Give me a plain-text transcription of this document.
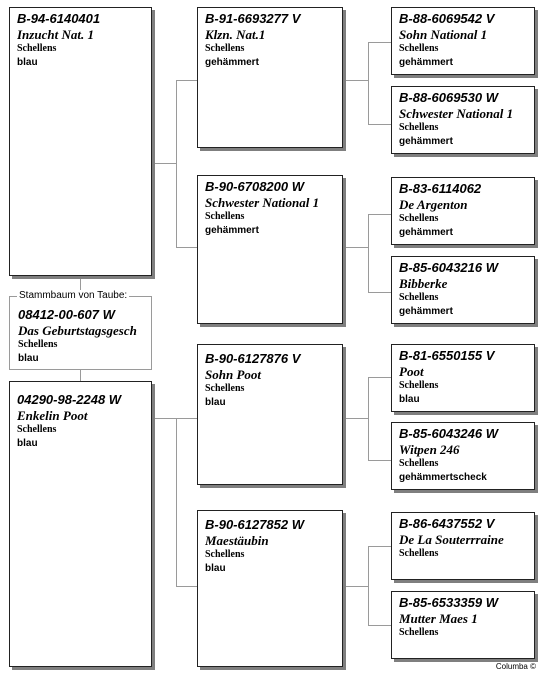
08412-00-607 W
Das Geburtstagsgesch
Schellens
blau
Stammbaum von Taube:
B-94-6140401
Inzucht Nat. 1
Schellens
blau
04290-98-2248 W
Enkelin Poot
Schellens
blau
B-91-6693277 V
Klzn. Nat.1
Schellens
gehämmert
B-90-6708200 W
Schwester National 1
Schellens
gehämmert
B-90-6127876 V
Sohn Poot
Schellens
blau
B-90-6127852 W
Maestäubin
Schellens
blau
B-88-6069542 V
Sohn National 1
Schellens
gehämmert
B-88-6069530 W
Schwester National 1
Schellens
gehämmert
B-83-6114062
De Argenton
Schellens
gehämmert
B-85-6043216 W
Bibberke
Schellens
gehämmert
B-81-6550155 V
Poot
Schellens
blau
B-85-6043246 W
Witpen 246
Schellens
gehämmertscheck
B-86-6437552 V
De La Souterrraine
Schellens
B-85-6533359 W
Mutter Maes 1
Schellens
Columba ©
